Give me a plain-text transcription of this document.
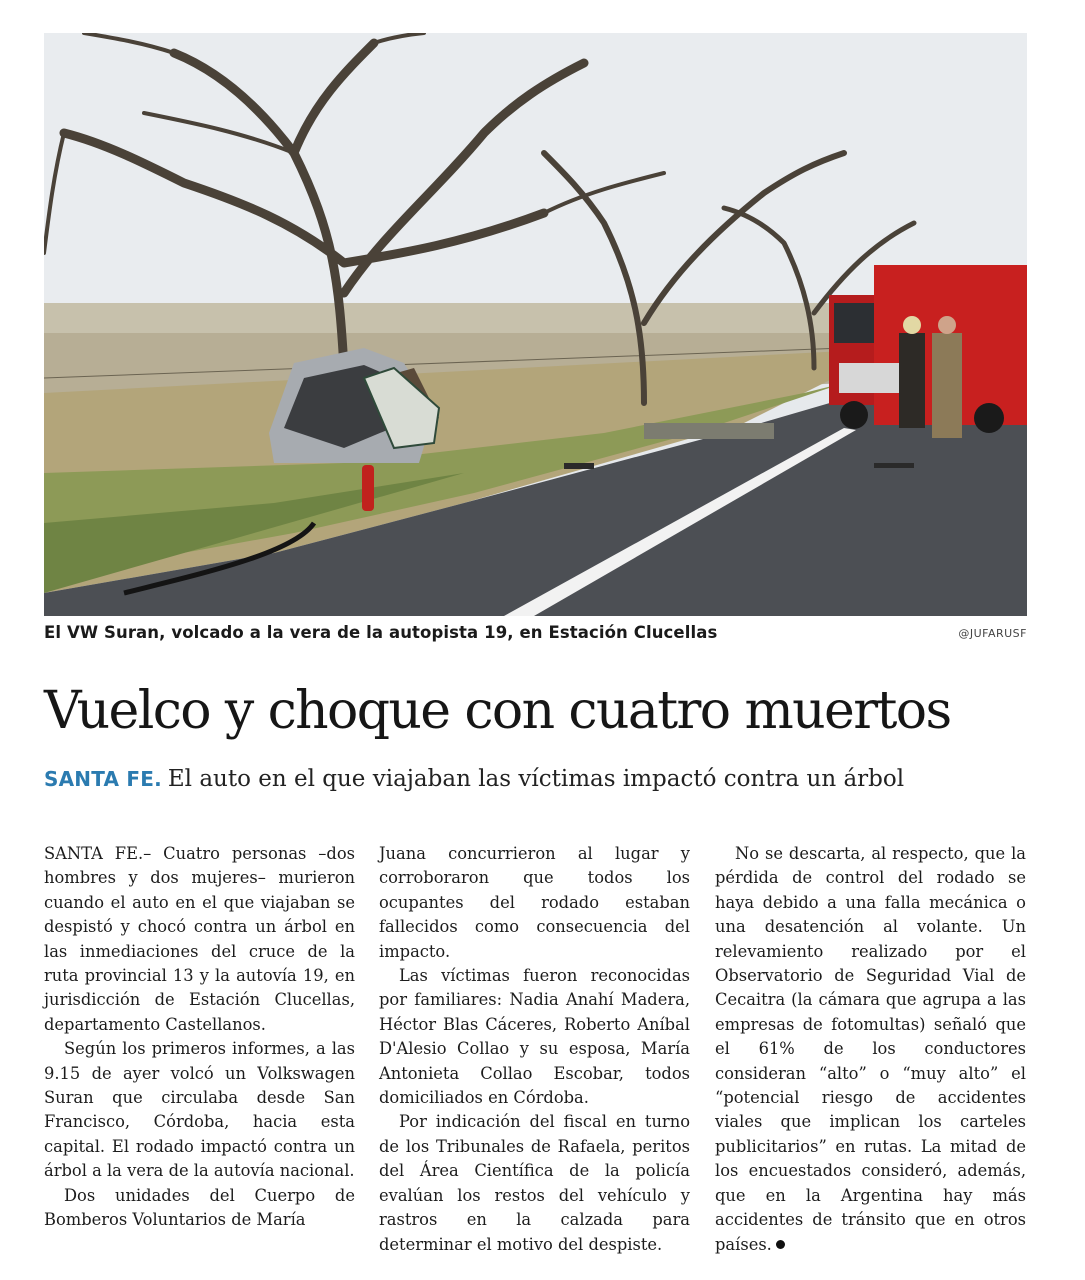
El VW Suran, volcado a la vera de la autopista 19, en Estación Clucellas	@JUFARUSF
Vuelco y choque con cuatro muertos
SANTA FE. El auto en el que viajaban las víctimas impactó contra un árbol

SANTA FE.– Cuatro personas –dos hombres y dos mujeres– murieron cuando el auto en el que viajaban se despistó y chocó contra un árbol en las inmediaciones del cruce de la ruta provincial 13 y la autovía 19, en jurisdicción de Estación Clucellas, departamento Castellanos.

Según los primeros informes, a las 9.15 de ayer volcó un Volkswagen Suran que circulaba desde San Francisco, Córdoba, hacia esta capital. El rodado impactó contra un árbol a la vera de la autovía nacional.

Dos unidades del Cuerpo de Bomberos Voluntarios de María

Juana concurrieron al lugar y corroboraron que todos los ocupantes del rodado estaban fallecidos como consecuencia del impacto.

Las víctimas fueron reconocidas por familiares: Nadia Anahí Madera, Héctor Blas Cáceres, Roberto Aníbal D'Alesio Collao y su esposa, María Antonieta Collao Escobar, todos domiciliados en Córdoba.

Por indicación del fiscal en turno de los Tribunales de Rafaela, peritos del Área Científica de la policía evalúan los restos del vehículo y rastros en la calzada para determinar el motivo del despiste.

No se descarta, al respecto, que la pérdida de control del rodado se haya debido a una falla mecánica o una desatención al volante. Un relevamiento realizado por el Observatorio de Seguridad Vial de Cecaitra (la cámara que agrupa a las empresas de fotomultas) señaló que el 61% de los conductores consideran “alto” o “muy alto” el “potencial riesgo de accidentes viales que implican los carteles publicitarios” en rutas. La mitad de los encuestados consideró, además, que en la Argentina hay más accidentes de tránsito que en otros países.
